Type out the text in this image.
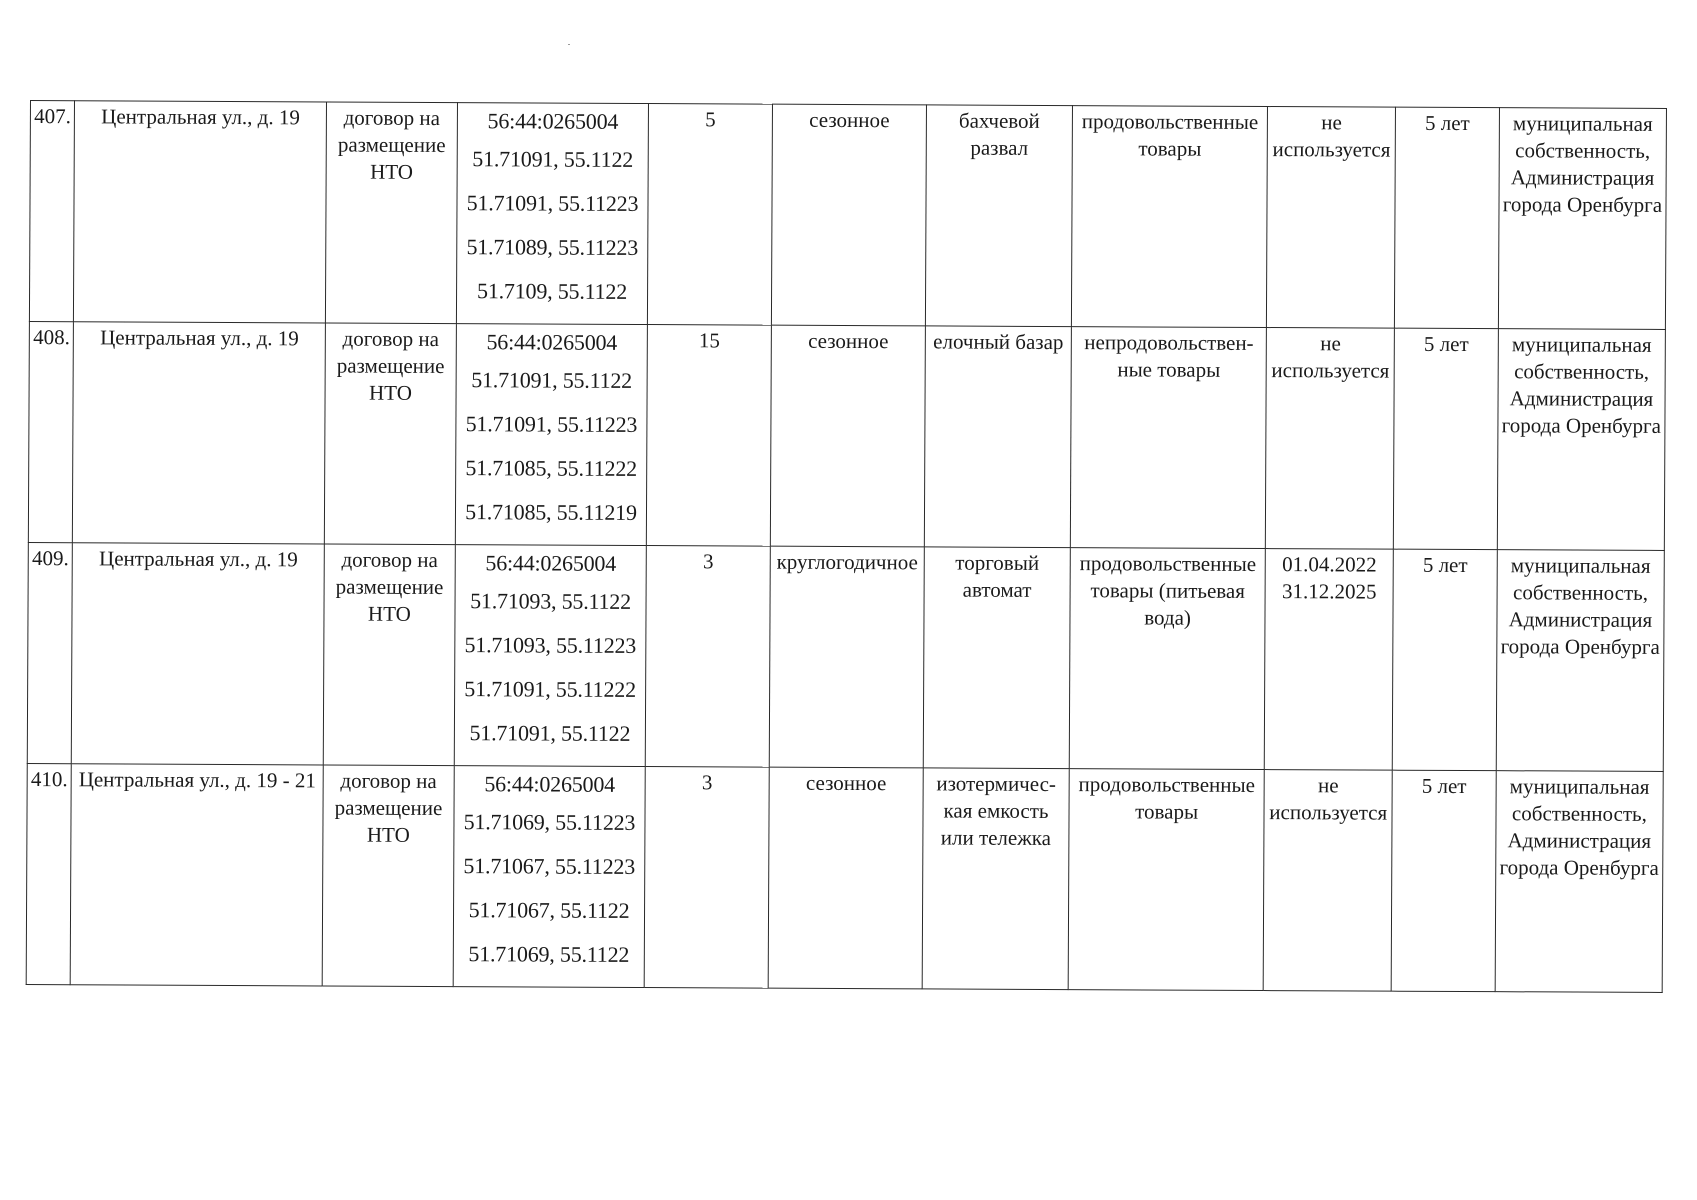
407.	Центральная ул., д. 19	договор на размещение НТО	56:44:0265004
51.71091, 55.1122
51.71091, 55.11223
51.71089, 55.11223
51.7109, 55.1122	5	сезонное	бахчевой развал	продовольственные товары	не используется	5 лет	муниципальная собственность, Администрация города Оренбурга
408.	Центральная ул., д. 19	договор на размещение НТО	56:44:0265004
51.71091, 55.1122
51.71091, 55.11223
51.71085, 55.11222
51.71085, 55.11219	15	сезонное	елочный базар	непродовольствен-ные товары	не используется	5 лет	муниципальная собственность, Администрация города Оренбурга
409.	Центральная ул., д. 19	договор на размещение НТО	56:44:0265004
51.71093, 55.1122
51.71093, 55.11223
51.71091, 55.11222
51.71091, 55.1122	3	круглогодичное	торговый автомат	продовольственные товары (питьевая вода)	01.04.2022 31.12.2025	5 лет	муниципальная собственность, Администрация города Оренбурга
410.	Центральная ул., д. 19 - 21	договор на размещение НТО	56:44:0265004
51.71069, 55.11223
51.71067, 55.11223
51.71067, 55.1122
51.71069, 55.1122	3	сезонное	изотермичес-кая емкость или тележка	продовольственные товары	не используется	5 лет	муниципальная собственность, Администрация города Оренбурга
